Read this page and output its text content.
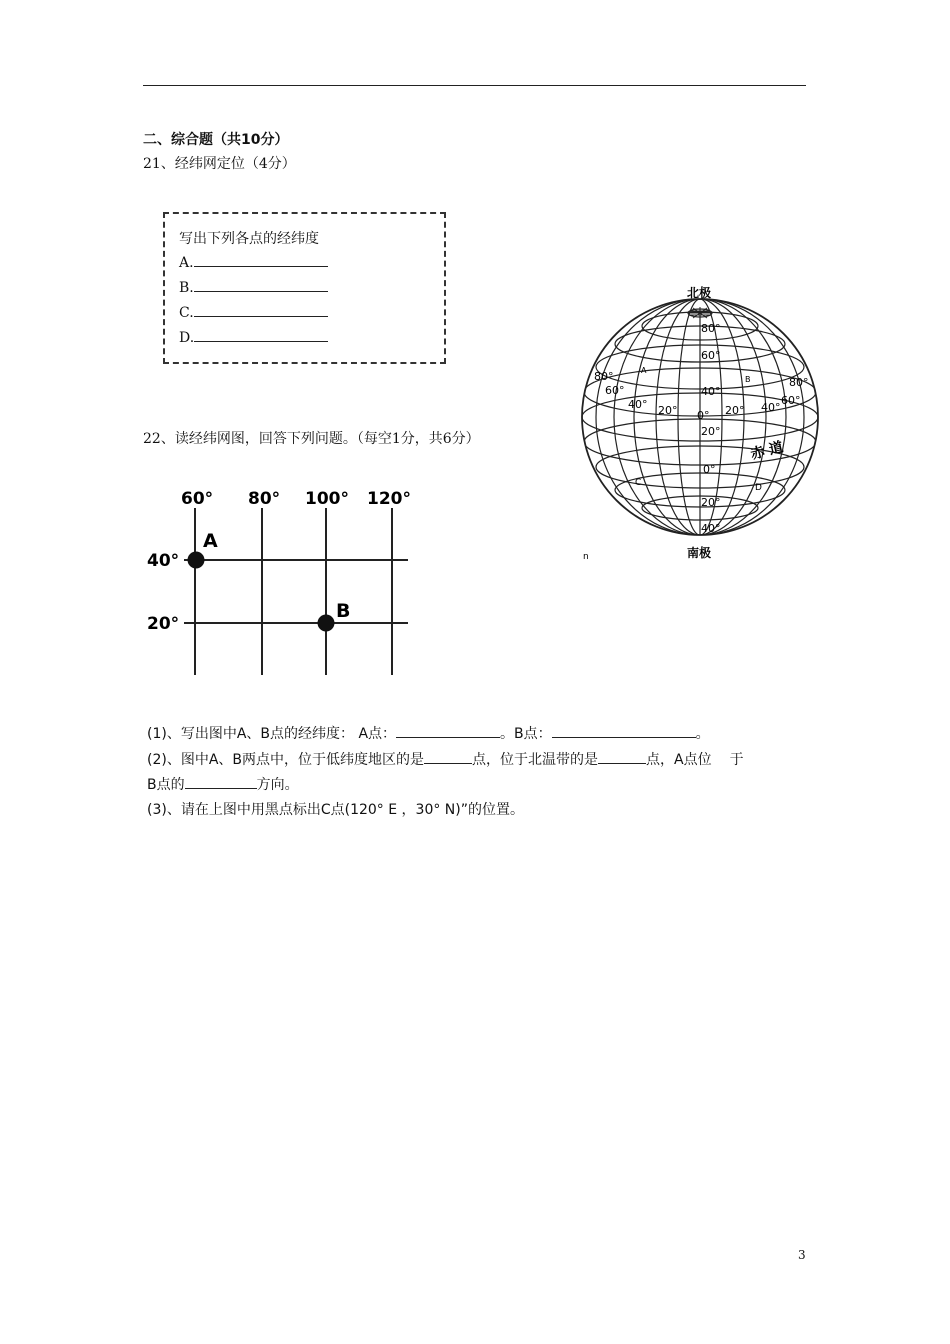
二、综合题（共10分）
21、经纬网定位（4分）
写出下列各点的经纬度
A.
B.
C.
D.
22、读经纬网图，回答下列问题。（每空1分，共6分）
60° 80° 100° 120°
40°
20°
A
B
北极
南极
赤 道
80°
60°
40°
20°
0°
20°
40°
80°
60°
40° 20° 0° 20° 40°
60°
80°
A
B
C	D
n
(1)、写出图中A、B点的经纬度： A点：	。B点：	。
(2)、图中A、B两点中，位于低纬度地区的是	点，位于北温带的是	点，A点位 于
B点的	方向。
(3)、请在上图中用黑点标出C点(120° E ，30° N)”的位置。
3
